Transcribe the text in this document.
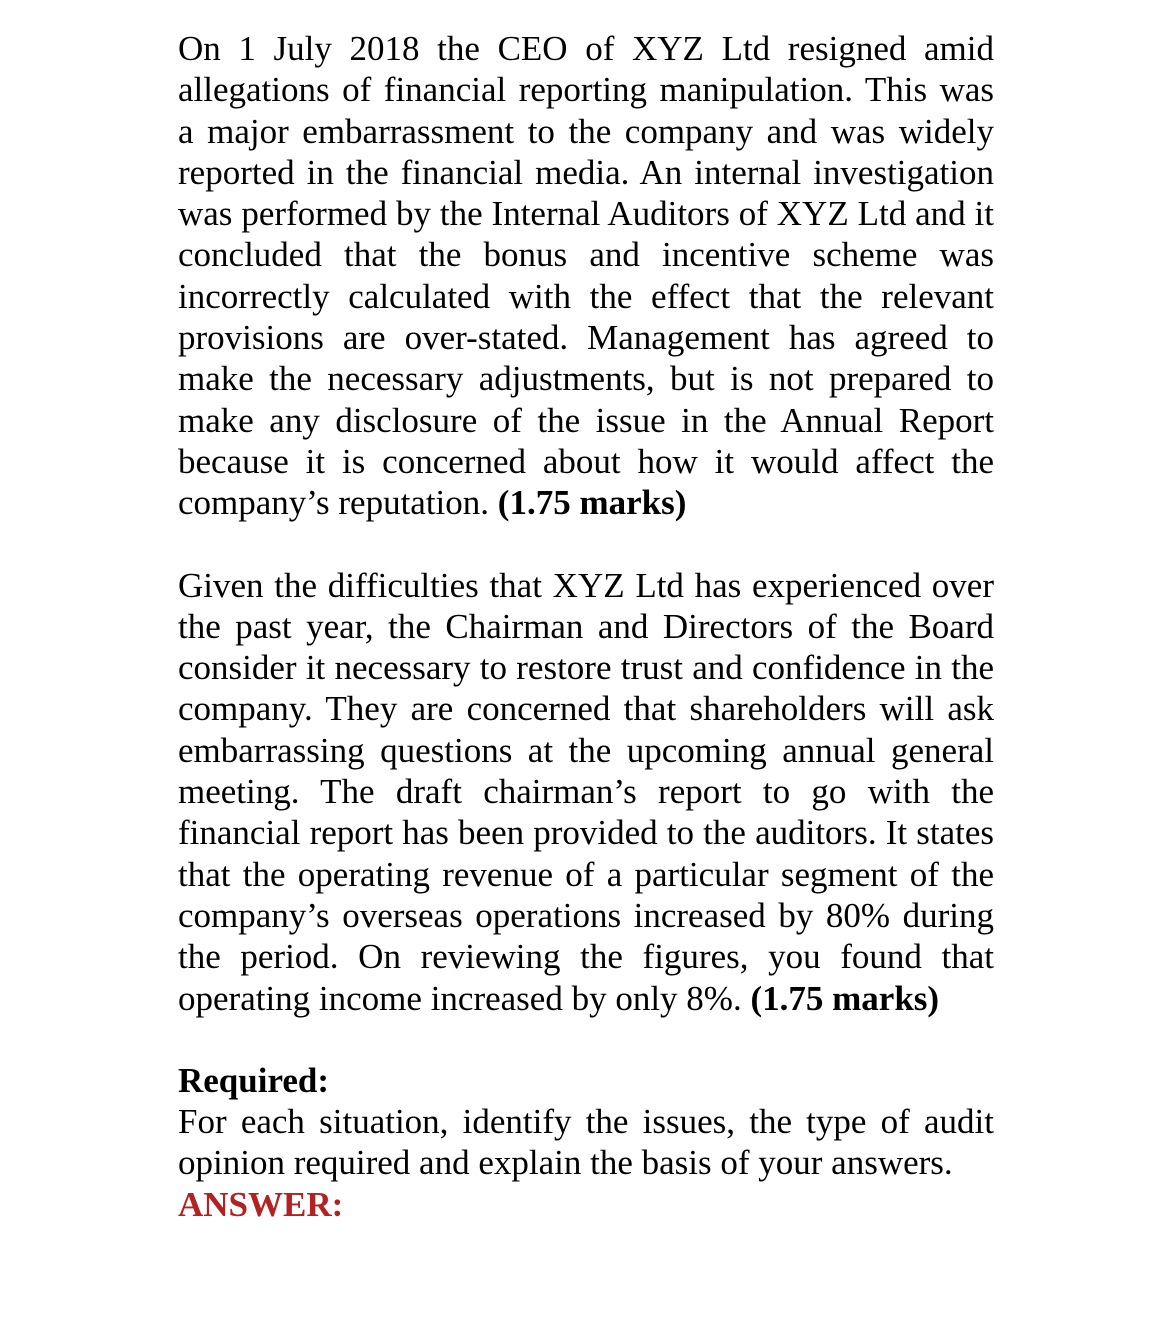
On 1 July 2018 the CEO of XYZ Ltd resigned amid allegations of financial reporting manipulation. This was a major embarrassment to the company and was widely reported in the financial media. An internal investigation was performed by the Internal Auditors of XYZ Ltd and it concluded that the bonus and incentive scheme was incorrectly calculated with the effect that the relevant provisions are over-stated. Management has agreed to make the necessary adjustments, but is not prepared to make any disclosure of the issue in the Annual Report because it is concerned about how it would affect the company’s reputation. (1.75 marks)

Given the difficulties that XYZ Ltd has experienced over the past year, the Chairman and Directors of the Board consider it necessary to restore trust and confidence in the company. They are concerned that shareholders will ask embarrassing questions at the upcoming annual general meeting. The draft chairman’s report to go with the financial report has been provided to the auditors. It states that the operating revenue of a particular segment of the company’s overseas operations increased by 80% during the period. On reviewing the figures, you found that operating income increased by only 8%. (1.75 marks)

Required:

For each situation, identify the issues, the type of audit opinion required and explain the basis of your answers.

ANSWER:
